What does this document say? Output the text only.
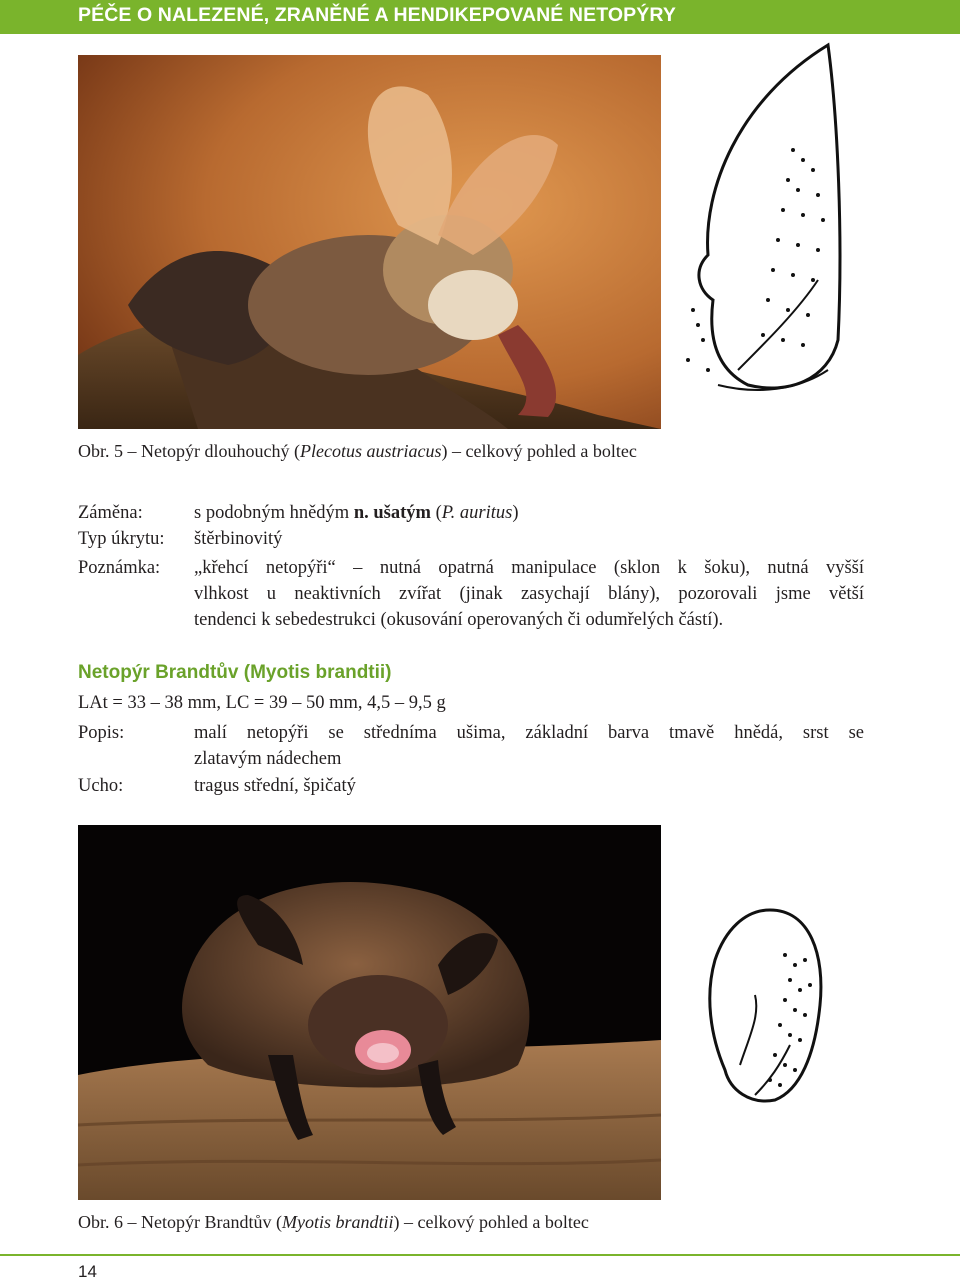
PÉČE O NALEZENÉ, ZRANĚNÉ A HENDIKEPOVANÉ NETOPÝRY
Obr. 5 – Netopýr dlouhouchý (Plecotus austriacus) – celkový pohled a boltec
Záměna:	s podobným hnědým n. ušatým (P. auritus)
Typ úkrytu: štěrbinovitý
Poznámka: „křehcí netopýři“ – nutná opatrná manipulace (sklon k šoku), nutná vyšší
vlhkost u neaktivních zvířat (jinak zasychají blány), pozorovali jsme větší
tendenci k sebedestrukci (okusování operovaných či odumřelých částí).
Netopýr Brandtův (Myotis brandtii)
LAt = 33 – 38 mm, LC = 39 – 50 mm, 4,5 – 9,5 g
Popis:	malí netopýři se středníma ušima, základní barva tmavě hnědá, srst se
zlatavým nádechem
Ucho:	tragus střední, špičatý
Obr. 6 – Netopýr Brandtův (Myotis brandtii) – celkový pohled a boltec
14
